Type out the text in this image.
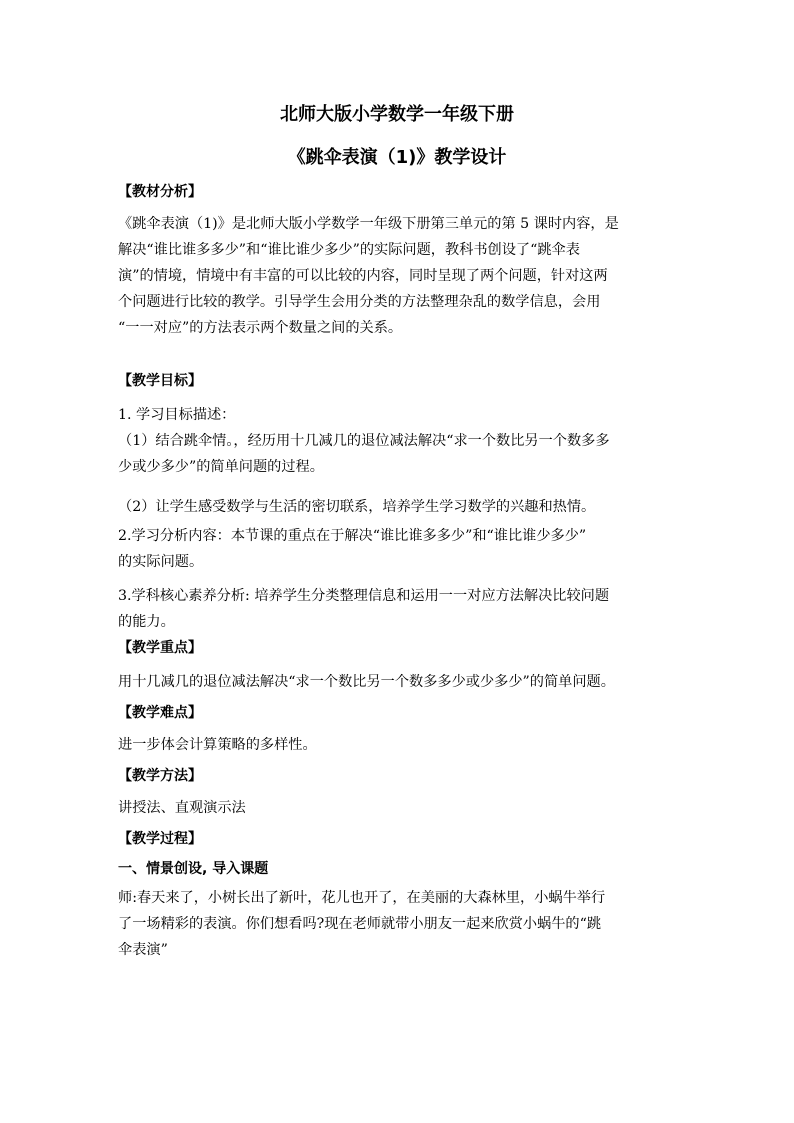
北师大版小学数学一年级下册
《跳伞表演（1)》教学设计
【教材分析】
《跳伞表演（1)》是北师大版小学数学一年级下册第三单元的第 5 课时内容，是
解决“谁比谁多多少”和“谁比谁少多少”的实际问题，教科书创设了“跳伞表
演”的情境，情境中有丰富的可以比较的内容，同时呈现了两个问题，针对这两
个问题进行比较的教学。引导学生会用分类的方法整理杂乱的数学信息，会用
“一一对应”的方法表示两个数量之间的关系。
【教学目标】
1. 学习目标描述：
（1）结合跳伞情。，经历用十几减几的退位减法解决“求一个数比另一个数多多
少或少多少”的简单问题的过程。
（2）让学生感受数学与生活的密切联系，培养学生学习数学的兴趣和热情。
2.学习分析内容：本节课的重点在于解决“谁比谁多多少”和“谁比谁少多少”
的实际问题。
3.学科核心素养分析: 培养学生分类整理信息和运用一一对应方法解决比较问题
的能力。
【教学重点】
用十几减几的退位减法解决“求一个数比另一个数多多少或少多少”的简单问题。
【教学难点】
进一步体会计算策略的多样性。
【教学方法】
讲授法、直观演示法
【教学过程】
一、情景创设, 导入课题
师:春天来了，小树长出了新叶，花儿也开了，在美丽的大森林里，小蜗牛举行
了一场精彩的表演。你们想看吗?现在老师就带小朋友一起来欣赏小蜗牛的“跳
伞表演”
